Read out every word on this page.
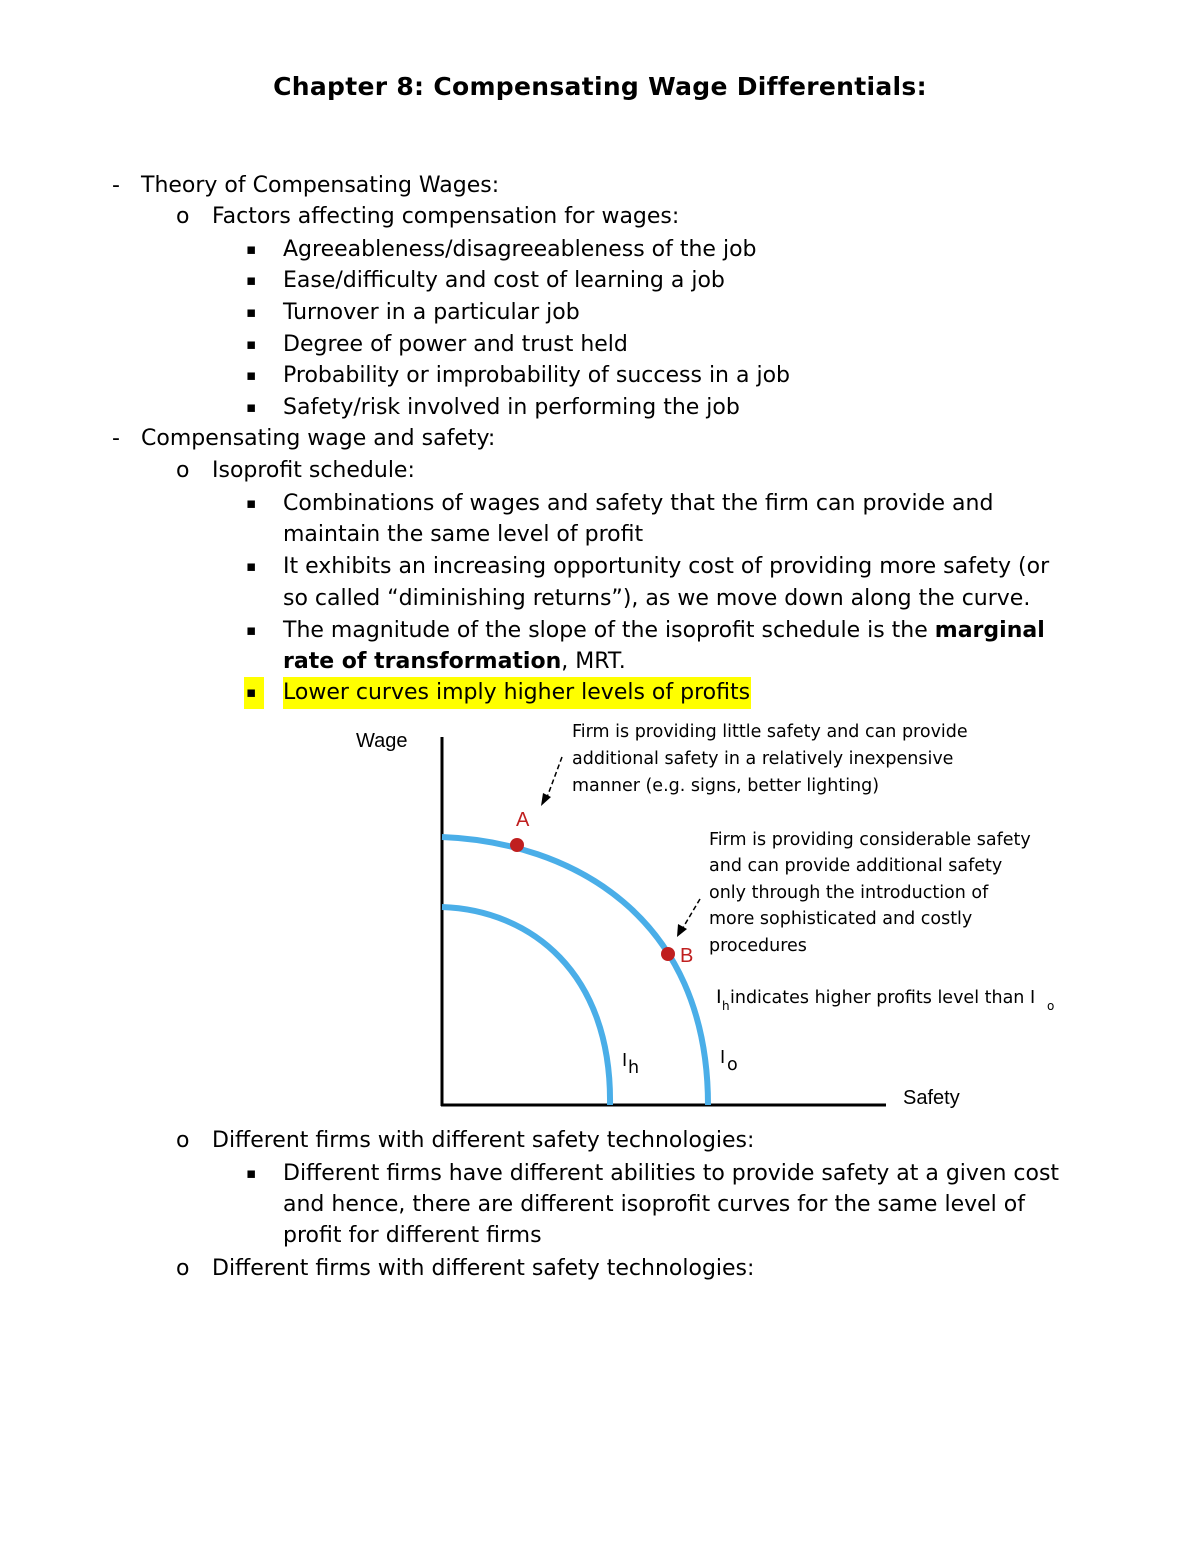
Chapter 8: Compensating Wage Differentials:
- Theory of Compensating Wages:
o Factors affecting compensation for wages:
▪ Agreeableness/disagreeableness of the job
▪ Ease/difficulty and cost of learning a job
▪ Turnover in a particular job
▪ Degree of power and trust held
▪ Probability or improbability of success in a job
▪ Safety/risk involved in performing the job
- Compensating wage and safety:
o Isoprofit schedule:
▪ Combinations of wages and safety that the firm can provide and
maintain the same level of profit
▪ It exhibits an increasing opportunity cost of providing more safety (or
so called “diminishing returns”), as we move down along the curve.
▪ The magnitude of the slope of the isoprofit schedule is the marginal
rate of transformation, MRT.
▪	Lower curves imply higher levels of profits
Wage
Safety
A
B
Firm is providing little safety and can provide
additional safety in a relatively inexpensive
manner (e.g. signs, better lighting)
Firm is providing considerable safety
and can provide additional safety
only through the introduction of
more sophisticated and costly
procedures
I h indicates higher profits level than I o
I h	I o
o Different firms with different safety technologies:
▪ Different firms have different abilities to provide safety at a given cost
and hence, there are different isoprofit curves for the same level of
profit for different firms
o Different firms with different safety technologies:
